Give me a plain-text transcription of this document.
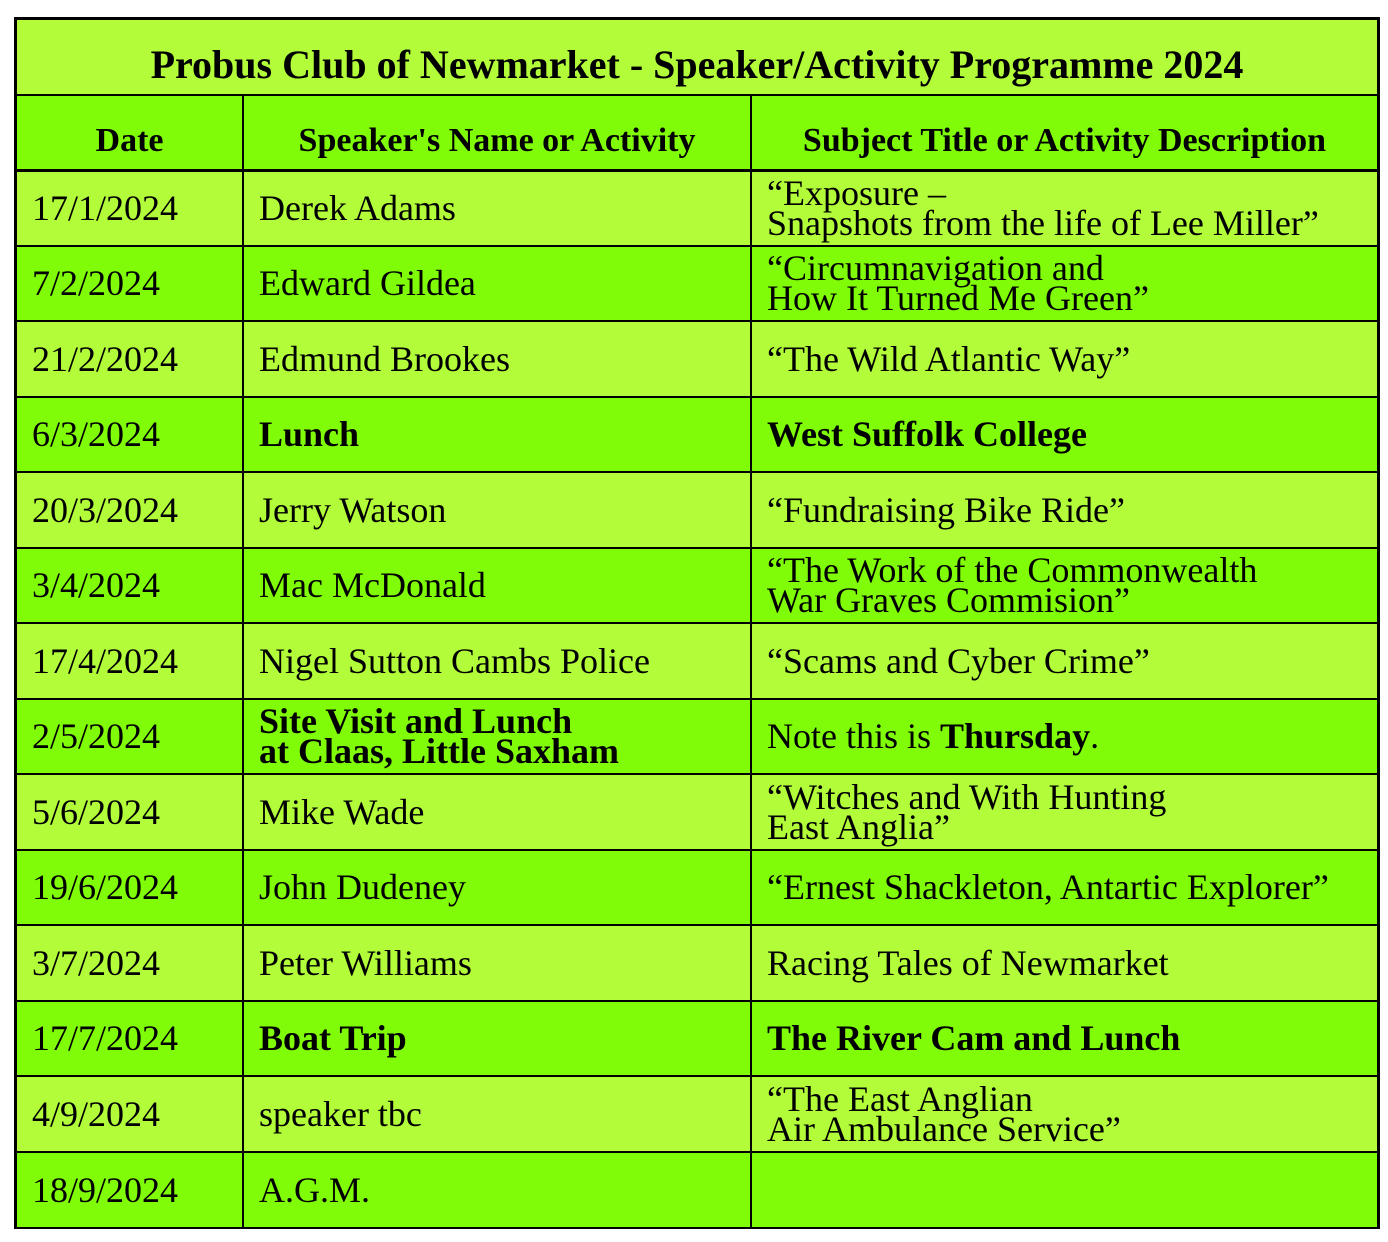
Probus Club of Newmarket - Speaker/Activity Programme 2024
Date	Speaker's Name or Activity	Subject Title or Activity Description
17/1/2024	Derek Adams	“Exposure –
Snapshots from the life of Lee Miller”

7/2/2024	Edward Gildea	“Circumnavigation and
How It Turned Me Green”

21/2/2024	Edmund Brookes	“The Wild Atlantic Way”

6/3/2024	Lunch	West Suffolk College

20/3/2024	Jerry Watson	“Fundraising Bike Ride”

3/4/2024	Mac McDonald	“The Work of the Commonwealth
War Graves Commision”

17/4/2024	Nigel Sutton Cambs Police	“Scams and Cyber Crime”

2/5/2024	Site Visit and Lunch
at Claas, Little Saxham	Note this is Thursday.
5/6/2024	Mike Wade	“Witches and With Hunting
East Anglia”

19/6/2024	John Dudeney	“Ernest Shackleton, Antartic Explorer”

3/7/2024	Peter Williams	Racing Tales of Newmarket

17/7/2024	Boat Trip	The River Cam and Lunch

4/9/2024	speaker tbc	“The East Anglian
Air Ambulance Service”

18/9/2024	A.G.M.	
